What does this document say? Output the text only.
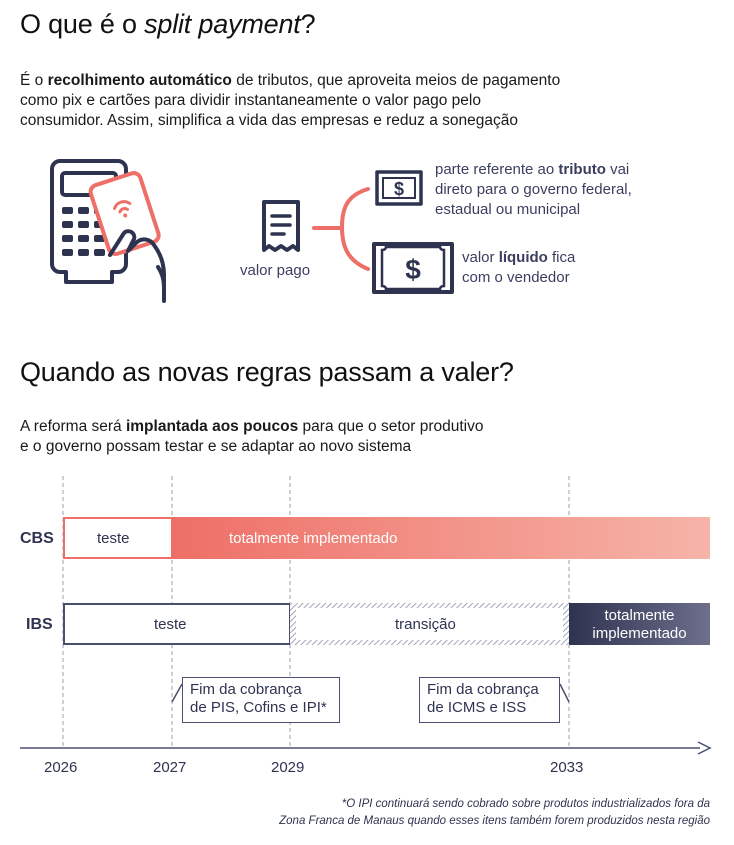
O que é o split payment?
É o recolhimento automático de tributos, que aproveita meios de pagamento
como pix e cartões para dividir instantaneamente o valor pago pelo
consumidor. Assim, simplifica a vida das empresas e reduz a sonegação
valor pago
$
parte referente ao tributo vai
direto para o governo federal,
estadual ou municipal
$	valor líquido fica
com o vendedor
Quando as novas regras passam a valer?
A reforma será implantada aos poucos para que o setor produtivo
e o governo possam testar e se adaptar ao novo sistema
CBS
IBS
teste	totalmente implementado
teste	transição
totalmente
implementado
Fim da cobrança
de PIS, Cofins e IPI*
Fim da cobrança
de ICMS e ISS
2026	2027	2029	2033
*O IPI continuará sendo cobrado sobre produtos industrializados fora da
Zona Franca de Manaus quando esses itens também forem produzidos nesta região
